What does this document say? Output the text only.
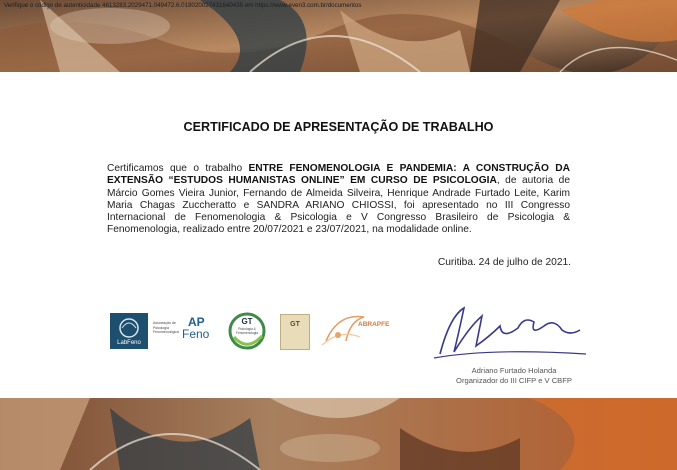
Verifique o código de autenticidade 4613283.2029471.049472.6.018020027431640435 em https://www.even3.com.br/documentos
CERTIFICADO DE APRESENTAÇÃO DE TRABALHO
Certificamos que o trabalho ENTRE FENOMENOLOGIA E PANDEMIA: A CONSTRUÇÃO DA EXTENSÃO “ESTUDOS HUMANISTAS ONLINE” EM CURSO DE PSICOLOGIA, de autoria de Márcio Gomes Vieira Junior, Fernando de Almeida Silveira, Henrique Andrade Furtado Leite, Karim Maria Chagas Zuccheratto e SANDRA ARIANO CHIOSSI, foi apresentado no III Congresso Internacional de Fenomenologia & Psicologia e V Congresso Brasileiro de Psicologia & Fenomenologia, realizado entre 20/07/2021 e 23/07/2021, na modalidade online.
Curitiba. 24 de julho de 2021.
LabFeno
Associação de Psicologia Fenomenológica
AP
Feno
GT
Psicologia & Fenomenologia
GT	ABRAPFE
Adriano Furtado Holanda
Organizador do III CIFP e V CBFP
